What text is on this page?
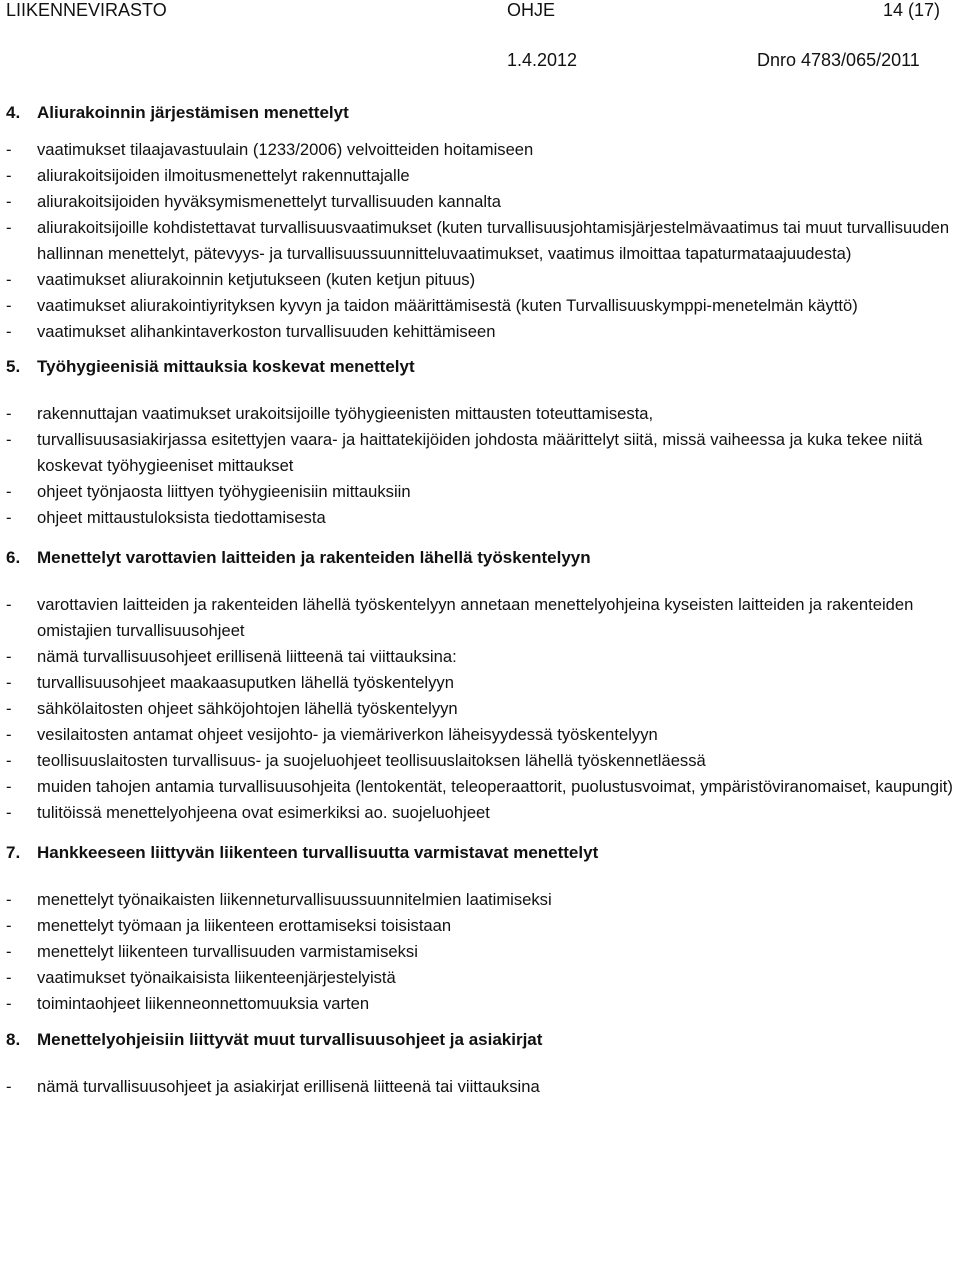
LIIKENNEVIRASTO	OHJE	14 (17)
1.4.2012	Dnro 4783/065/2011
4. Aliurakoinnin järjestämisen menettelyt
-	vaatimukset tilaajavastuulain (1233/2006) velvoitteiden hoitamiseen
-	aliurakoitsijoiden ilmoitusmenettelyt rakennuttajalle
-	aliurakoitsijoiden hyväksymismenettelyt turvallisuuden kannalta
-	aliurakoitsijoille kohdistettavat turvallisuusvaatimukset (kuten turvallisuusjohtamisjärjestelmävaatimus tai muut turvallisuuden hallinnan menettelyt, pätevyys- ja turvallisuussuunnitteluvaatimukset, vaatimus ilmoittaa tapaturmataajuudesta)
-	vaatimukset aliurakoinnin ketjutukseen (kuten ketjun pituus)
-	vaatimukset aliurakointiyrityksen kyvyn ja taidon määrittämisestä (kuten Turvallisuuskymppi-menetelmän käyttö)
-	vaatimukset alihankintaverkoston turvallisuuden kehittämiseen
5. Työhygieenisiä mittauksia koskevat menettelyt
-	rakennuttajan vaatimukset urakoitsijoille työhygieenisten mittausten toteuttamisesta,
-	turvallisuusasiakirjassa esitettyjen vaara- ja haittatekijöiden johdosta määrittelyt siitä, missä vaiheessa ja kuka tekee niitä koskevat työhygieeniset mittaukset
-	ohjeet työnjaosta liittyen työhygieenisiin mittauksiin
-	ohjeet mittaustuloksista tiedottamisesta
6. Menettelyt varottavien laitteiden ja rakenteiden lähellä työskentelyyn
-	varottavien laitteiden ja rakenteiden lähellä työskentelyyn annetaan menettelyohjeina kyseisten laitteiden ja rakenteiden omistajien turvallisuusohjeet
-	nämä turvallisuusohjeet erillisenä liitteenä tai viittauksina:
-	turvallisuusohjeet maakaasuputken lähellä työskentelyyn
-	sähkölaitosten ohjeet sähköjohtojen lähellä työskentelyyn
-	vesilaitosten antamat ohjeet vesijohto- ja viemäriverkon läheisyydessä työskentelyyn
-	teollisuuslaitosten turvallisuus- ja suojeluohjeet teollisuuslaitoksen lähellä työskennetläessä
-	muiden tahojen antamia turvallisuusohjeita (lentokentät, teleoperaattorit, puolustusvoimat, ympäristöviranomaiset, kaupungit)
-	tulitöissä menettelyohjeena ovat esimerkiksi ao. suojeluohjeet
7. Hankkeeseen liittyvän liikenteen turvallisuutta varmistavat menettelyt
-	menettelyt työnaikaisten liikenneturvallisuussuunnitelmien laatimiseksi
-	menettelyt työmaan ja liikenteen erottamiseksi toisistaan
-	menettelyt liikenteen turvallisuuden varmistamiseksi
-	vaatimukset työnaikaisista liikenteenjärjestelyistä
-	toimintaohjeet liikenneonnettomuuksia varten
8. Menettelyohjeisiin liittyvät muut turvallisuusohjeet ja asiakirjat
-	nämä turvallisuusohjeet ja asiakirjat erillisenä liitteenä tai viittauksina
